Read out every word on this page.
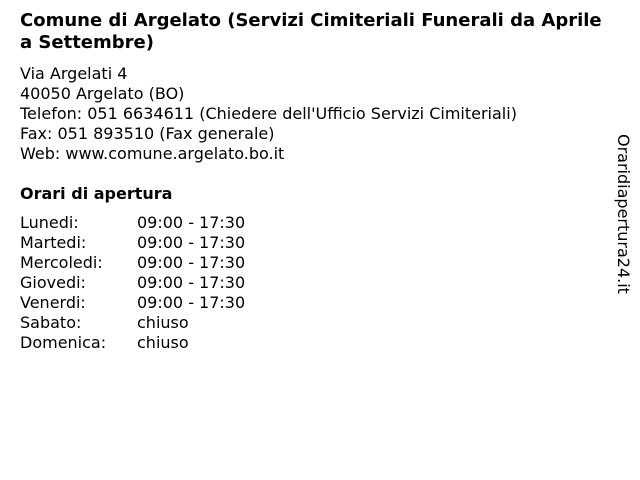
Comune di Argelato (Servizi Cimiteriali Funerali da Aprile a Settembre)
Via Argelati 4
40050 Argelato (BO)
Telefon: 051 6634611 (Chiedere dell'Ufficio Servizi Cimiteriali)
Fax: 051 893510 (Fax generale)
Web: www.comune.argelato.bo.it
Orari di apertura
Lunedi:	09:00 - 17:30
Martedi:	09:00 - 17:30
Mercoledi: 09:00 - 17:30
Giovedi:	09:00 - 17:30
Venerdi:	09:00 - 17:30
Sabato:	chiuso
Domenica: chiuso
Oraridiapertura24.it
